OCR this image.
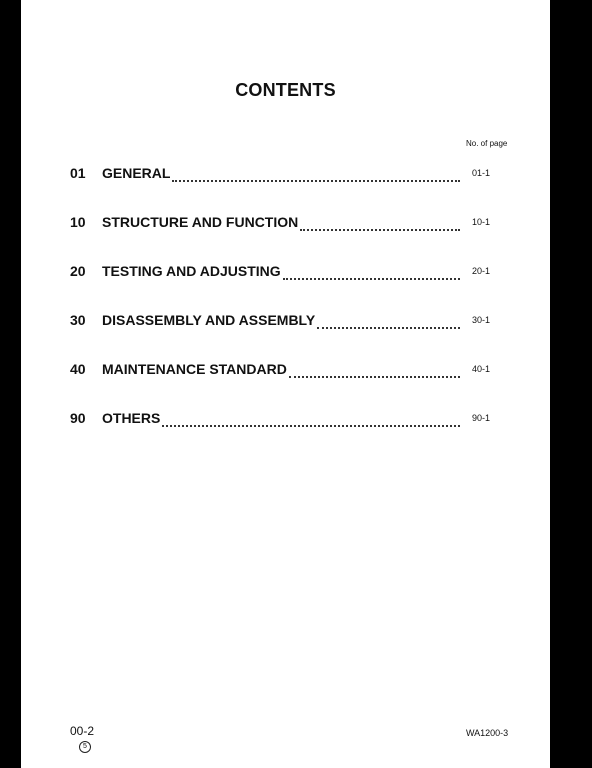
CONTENTS
No. of page
01	GENERAL	01-1
10	STRUCTURE AND FUNCTION	10-1
20	TESTING AND ADJUSTING	20-1
30	DISASSEMBLY AND ASSEMBLY	30-1
40	MAINTENANCE STANDARD	40-1
90	OTHERS	90-1
00-2
5
WA1200-3
